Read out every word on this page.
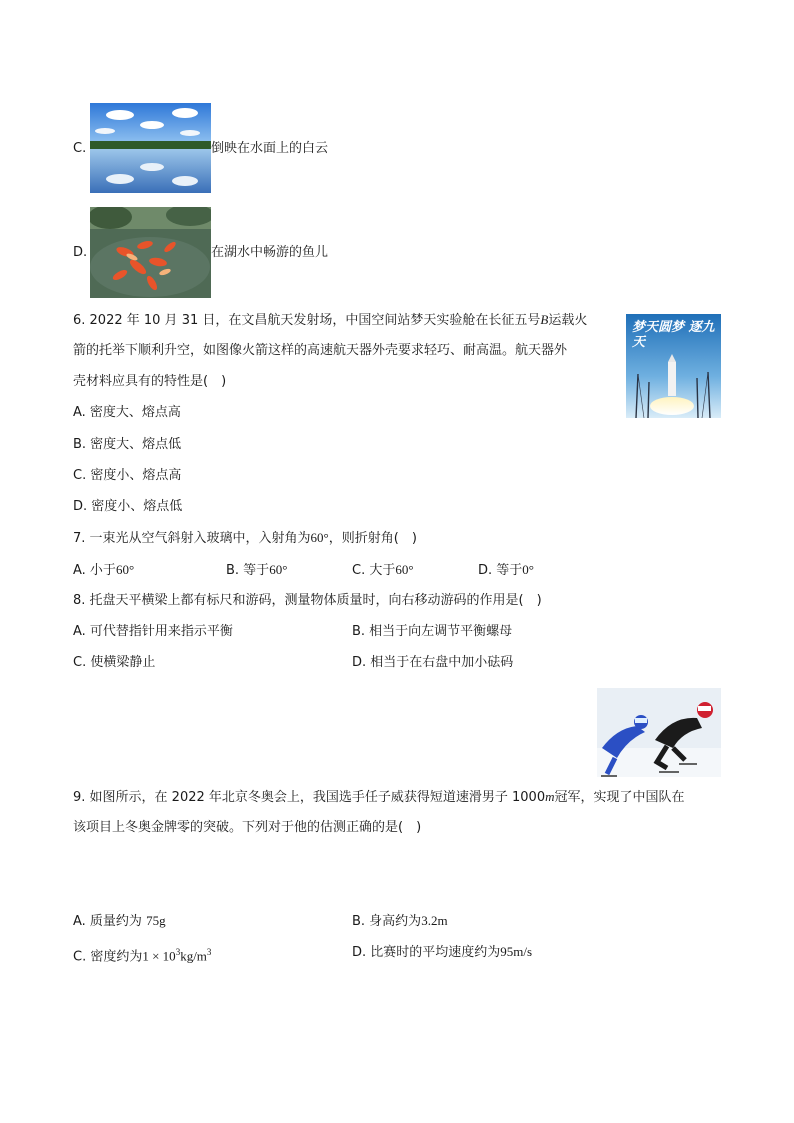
C.	倒映在水面上的白云
D.	在湖水中畅游的鱼儿
6. 2022 年 10 月 31 日，在文昌航天发射场，中国空间站梦天实验舱在长征五号B运载火
箭的托举下顺利升空，如图像火箭这样的高速航天器外壳要求轻巧、耐高温。航天器外
壳材料应具有的特性是(　)
梦天圆梦 逐九天
A. 密度大、熔点高
B. 密度大、熔点低
C. 密度小、熔点高
D. 密度小、熔点低
7. 一束光从空气斜射入玻璃中，入射角为60°，则折射角(　)
A. 小于60°	B. 等于60°	C. 大于60°	D. 等于0°
8. 托盘天平横梁上都有标尺和游码，测量物体质量时，向右移动游码的作用是(　)
A. 可代替指针用来指示平衡	B. 相当于向左调节平衡螺母
C. 使横梁静止	D. 相当于在右盘中加小砝码
9. 如图所示，在 2022 年北京冬奥会上，我国选手任子威获得短道速滑男子 1000m冠军，实现了中国队在
该项目上冬奥金牌零的突破。下列对于他的估测正确的是(　)
A. 质量约为 75g	B. 身高约为3.2m
C. 密度约为$1 \times 10^3kg/m^3$	D. 比赛时的平均速度约为95m/s
